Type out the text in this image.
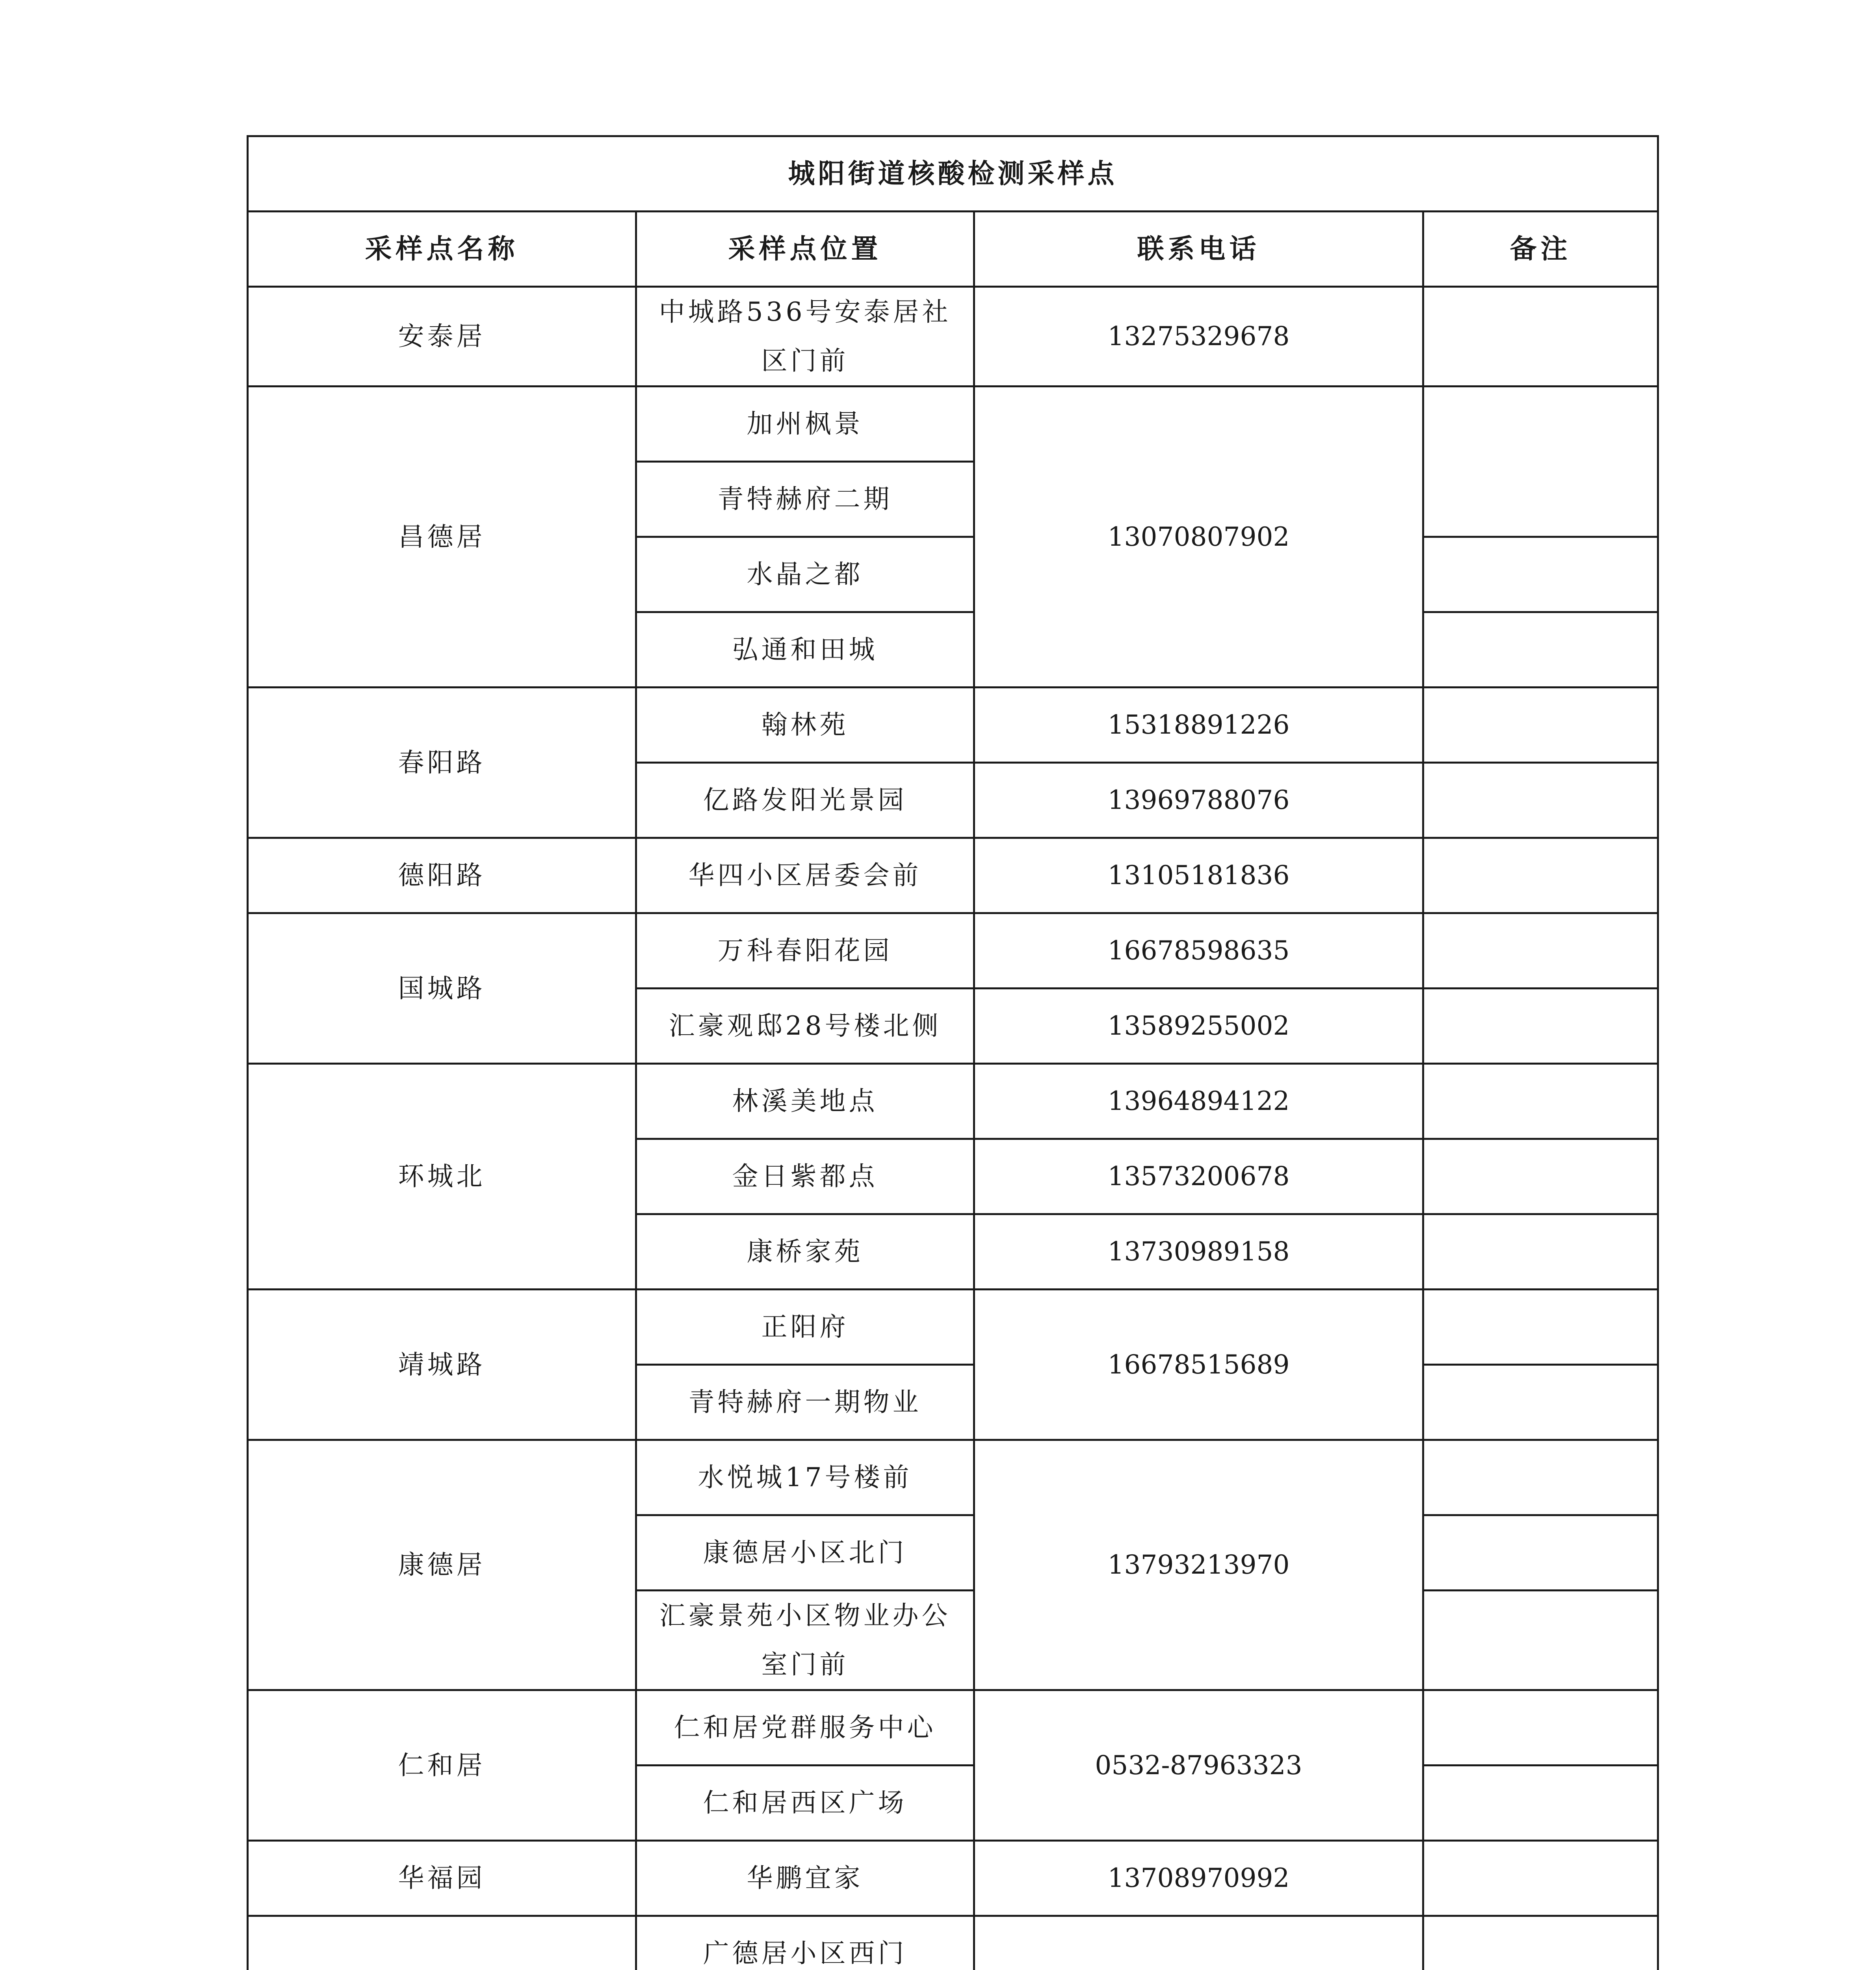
城阳街道核酸检测采样点			
采样点名称	采样点位置	联系电话	备注
安泰居	中城路536号安泰居社区门前	13275329678	
昌德居	加州枫景	13070807902	
	青特赫府二期		
	水晶之都		
	弘通和田城		
春阳路	翰林苑	15318891226	
	亿路发阳光景园	13969788076	
德阳路	华四小区居委会前	13105181836	
国城路	万科春阳花园	16678598635	
	汇豪观邸28号楼北侧	13589255002	
环城北	林溪美地点	13964894122	
	金日紫都点	13573200678	
	康桥家苑	13730989158	
靖城路	正阳府	16678515689	
	青特赫府一期物业		
康德居	水悦城17号楼前	13793213970	
	康德居小区北门		
	汇豪景苑小区物业办公室门前		
仁和居	仁和居党群服务中心	0532-87963323	
	仁和居西区广场		
华福园	华鹏宜家	13708970992	
	广德居小区西门		
